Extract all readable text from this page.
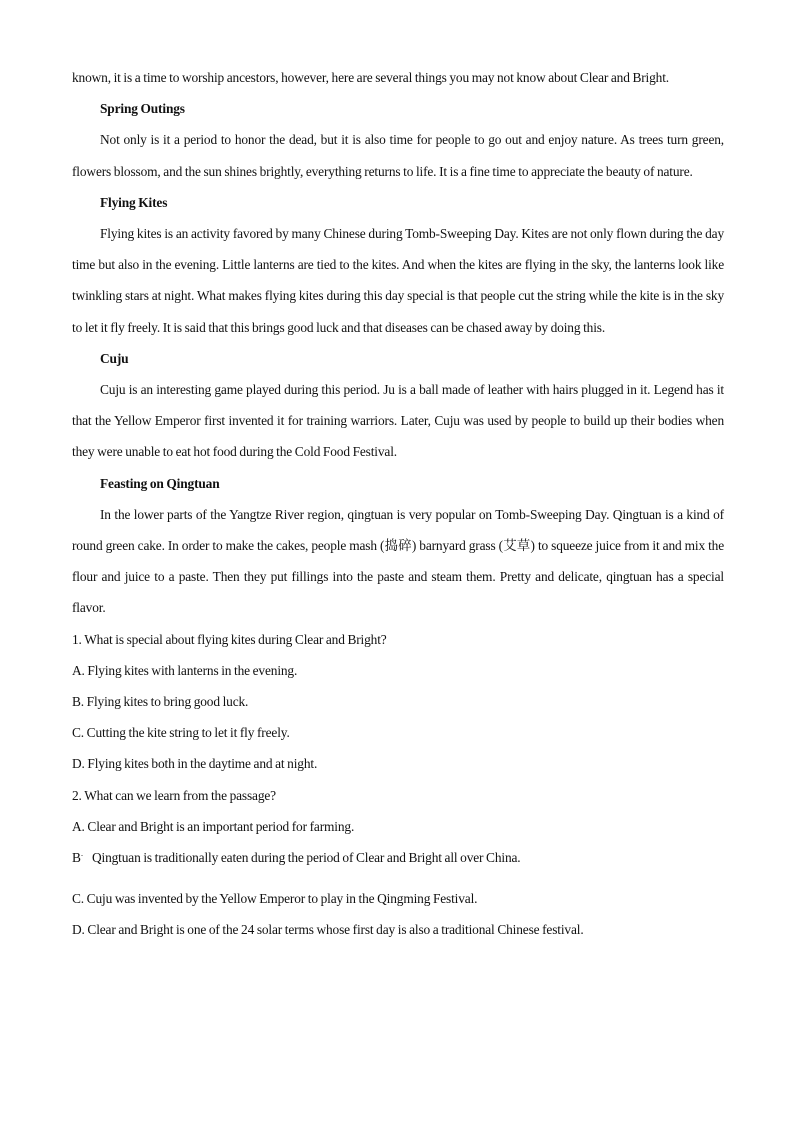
known, it is a time to worship ancestors, however, here are several things you may not know about Clear and Bright.

Spring Outings

Not only is it a period to honor the dead, but it is also time for people to go out and enjoy nature. As trees turn green, flowers blossom, and the sun shines brightly, everything returns to life. It is a fine time to appreciate the beauty of nature.

Flying Kites

Flying kites is an activity favored by many Chinese during Tomb-Sweeping Day. Kites are not only flown during the day time but also in the evening. Little lanterns are tied to the kites. And when the kites are flying in the sky, the lanterns look like twinkling stars at night. What makes flying kites during this day special is that people cut the string while the kite is in the sky to let it fly freely. It is said that this brings good luck and that diseases can be chased away by doing this.

Cuju

Cuju is an interesting game played during this period. Ju is a ball made of leather with hairs plugged in it. Legend has it that the Yellow Emperor first invented it for training warriors. Later, Cuju was used by people to build up their bodies when they were unable to eat hot food during the Cold Food Festival.

Feasting on Qingtuan

In the lower parts of the Yangtze River region, qingtuan is very popular on Tomb-Sweeping Day. Qingtuan is a kind of round green cake. In order to make the cakes, people mash (捣碎) barnyard grass (艾草) to squeeze juice from it and mix the flour and juice to a paste. Then they put fillings into the paste and steam them. Pretty and delicate, qingtuan has a special flavor.

1. What is special about flying kites during Clear and Bright?

A. Flying kites with lanterns in the evening.

B. Flying kites to bring good luck.

C. Cutting the kite string to let it fly freely.

D. Flying kites both in the daytime and at night.

2. What can we learn from the passage?

A. Clear and Bright is an important period for farming.

B . Qingtuan is traditionally eaten during the period of Clear and Bright all over China.

C. Cuju was invented by the Yellow Emperor to play in the Qingming Festival.

D. Clear and Bright is one of the 24 solar terms whose first day is also a traditional Chinese festival.
